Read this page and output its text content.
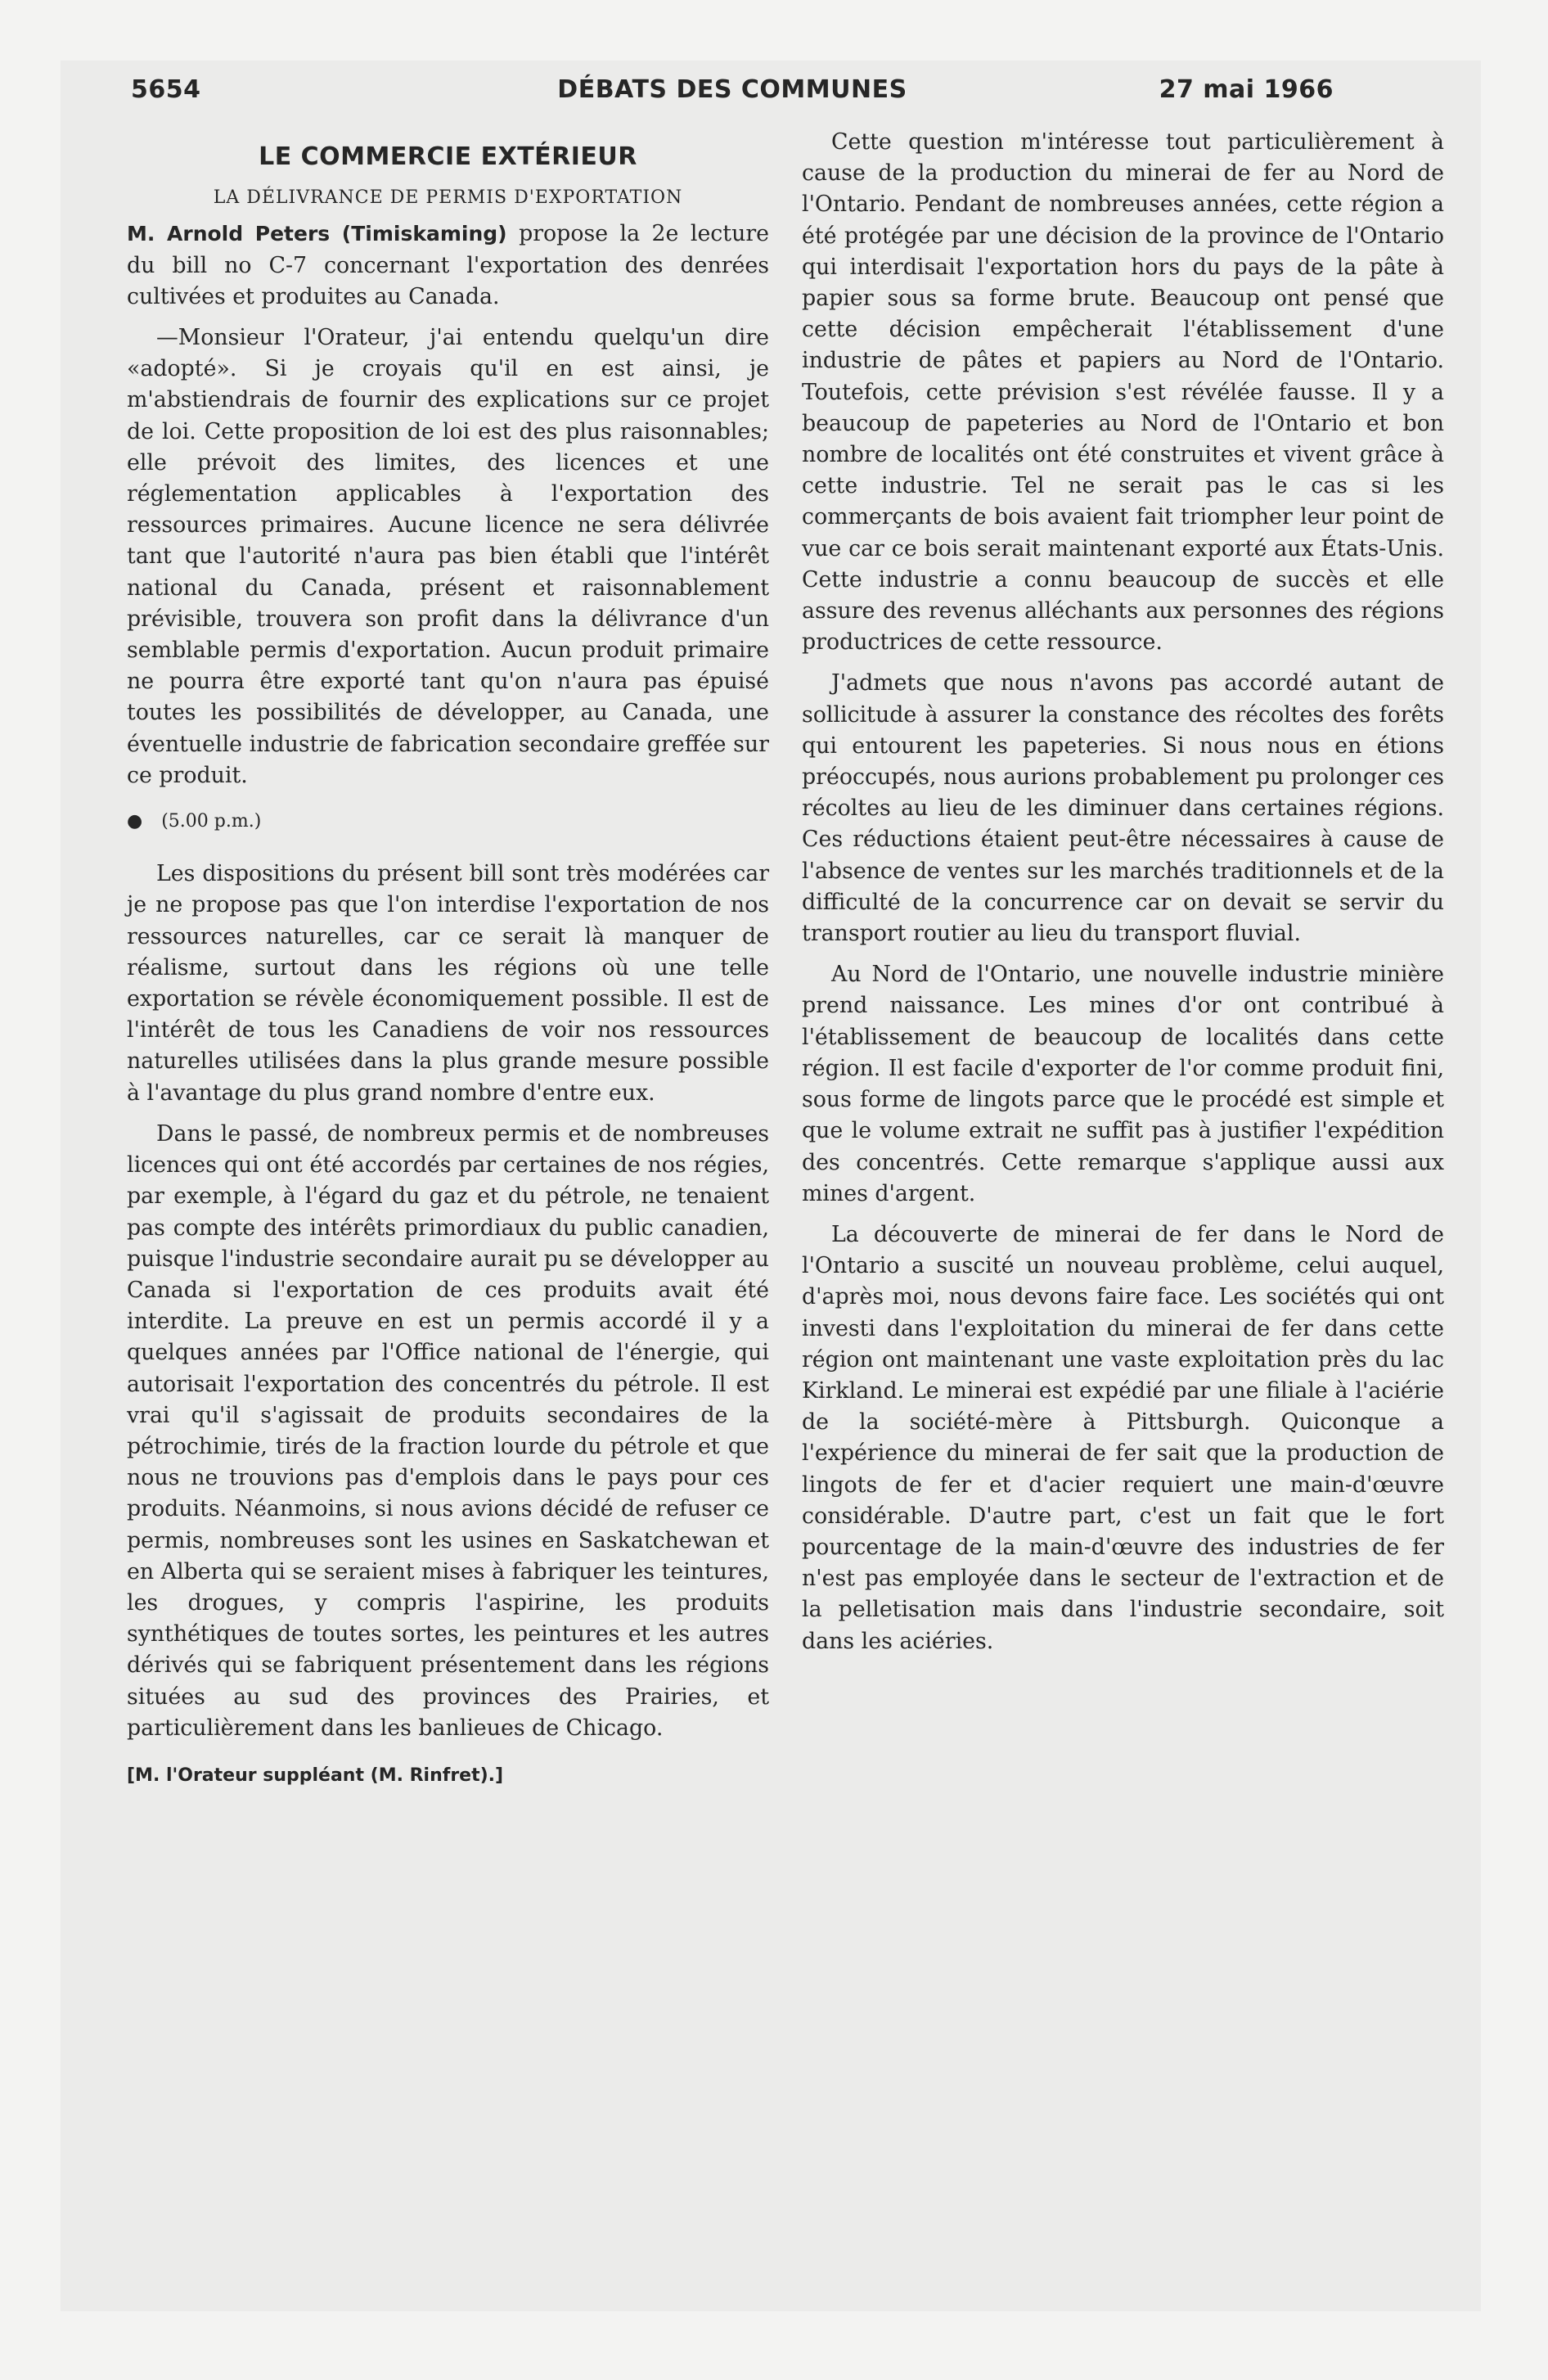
5654	DÉBATS DES COMMUNES	27 mai 1966
LE COMMERCIE EXTÉRIEUR
LA DÉLIVRANCE DE PERMIS D'EXPORTATION

M. Arnold Peters (Timiskaming) propose la 2e lecture du bill no C-7 concernant l'exportation des denrées cultivées et produites au Canada.

—Monsieur l'Orateur, j'ai entendu quelqu'un dire «adopté». Si je croyais qu'il en est ainsi, je m'abstiendrais de fournir des explications sur ce projet de loi. Cette proposition de loi est des plus raisonnables; elle prévoit des limites, des licences et une réglementation applicables à l'exportation des ressources primaires. Aucune licence ne sera délivrée tant que l'autorité n'aura pas bien établi que l'intérêt national du Canada, présent et raisonnablement prévisible, trouvera son profit dans la délivrance d'un semblable permis d'exportation. Aucun produit primaire ne pourra être exporté tant qu'on n'aura pas épuisé toutes les possibilités de développer, au Canada, une éventuelle industrie de fabrication secondaire greffée sur ce produit.

● (5.00 p.m.)

Les dispositions du présent bill sont très modérées car je ne propose pas que l'on interdise l'exportation de nos ressources naturelles, car ce serait là manquer de réalisme, surtout dans les régions où une telle exportation se révèle économiquement possible. Il est de l'intérêt de tous les Canadiens de voir nos ressources naturelles utilisées dans la plus grande mesure possible à l'avantage du plus grand nombre d'entre eux.

Dans le passé, de nombreux permis et de nombreuses licences qui ont été accordés par certaines de nos régies, par exemple, à l'égard du gaz et du pétrole, ne tenaient pas compte des intérêts primordiaux du public canadien, puisque l'industrie secondaire aurait pu se développer au Canada si l'exportation de ces produits avait été interdite. La preuve en est un permis accordé il y a quelques années par l'Office national de l'énergie, qui autorisait l'exportation des concentrés du pétrole. Il est vrai qu'il s'agissait de produits secondaires de la pétrochimie, tirés de la fraction lourde du pétrole et que nous ne trouvions pas d'emplois dans le pays pour ces produits. Néanmoins, si nous avions décidé de refuser ce permis, nombreuses sont les usines en Saskatchewan et en Alberta qui se seraient mises à fabriquer les teintures, les drogues, y compris l'aspirine, les produits synthétiques de toutes sortes, les peintures et les autres dérivés qui se fabriquent présentement dans les régions situées au sud des provinces des Prairies, et particulièrement dans les banlieues de Chicago.

[M. l'Orateur suppléant (M. Rinfret).]

Cette question m'intéresse tout particulièrement à cause de la production du minerai de fer au Nord de l'Ontario. Pendant de nombreuses années, cette région a été protégée par une décision de la province de l'Ontario qui interdisait l'exportation hors du pays de la pâte à papier sous sa forme brute. Beaucoup ont pensé que cette décision empêcherait l'établissement d'une industrie de pâtes et papiers au Nord de l'Ontario. Toutefois, cette prévision s'est révélée fausse. Il y a beaucoup de papeteries au Nord de l'Ontario et bon nombre de localités ont été construites et vivent grâce à cette industrie. Tel ne serait pas le cas si les commerçants de bois avaient fait triompher leur point de vue car ce bois serait maintenant exporté aux États-Unis. Cette industrie a connu beaucoup de succès et elle assure des revenus alléchants aux personnes des régions productrices de cette ressource.

J'admets que nous n'avons pas accordé autant de sollicitude à assurer la constance des récoltes des forêts qui entourent les papeteries. Si nous nous en étions préoccupés, nous aurions probablement pu prolonger ces récoltes au lieu de les diminuer dans certaines régions. Ces réductions étaient peut-être nécessaires à cause de l'absence de ventes sur les marchés traditionnels et de la difficulté de la concurrence car on devait se servir du transport routier au lieu du transport fluvial.

Au Nord de l'Ontario, une nouvelle industrie minière prend naissance. Les mines d'or ont contribué à l'établissement de beaucoup de localités dans cette région. Il est facile d'exporter de l'or comme produit fini, sous forme de lingots parce que le procédé est simple et que le volume extrait ne suffit pas à justifier l'expédition des concentrés. Cette remarque s'applique aussi aux mines d'argent.

La découverte de minerai de fer dans le Nord de l'Ontario a suscité un nouveau problème, celui auquel, d'après moi, nous devons faire face. Les sociétés qui ont investi dans l'exploitation du minerai de fer dans cette région ont maintenant une vaste exploitation près du lac Kirkland. Le minerai est expédié par une filiale à l'aciérie de la société-mère à Pittsburgh. Quiconque a l'expérience du minerai de fer sait que la production de lingots de fer et d'acier requiert une main-d'œuvre considérable. D'autre part, c'est un fait que le fort pourcentage de la main-d'œuvre des industries de fer n'est pas employée dans le secteur de l'extraction et de la pelletisation mais dans l'industrie secondaire, soit dans les aciéries.
